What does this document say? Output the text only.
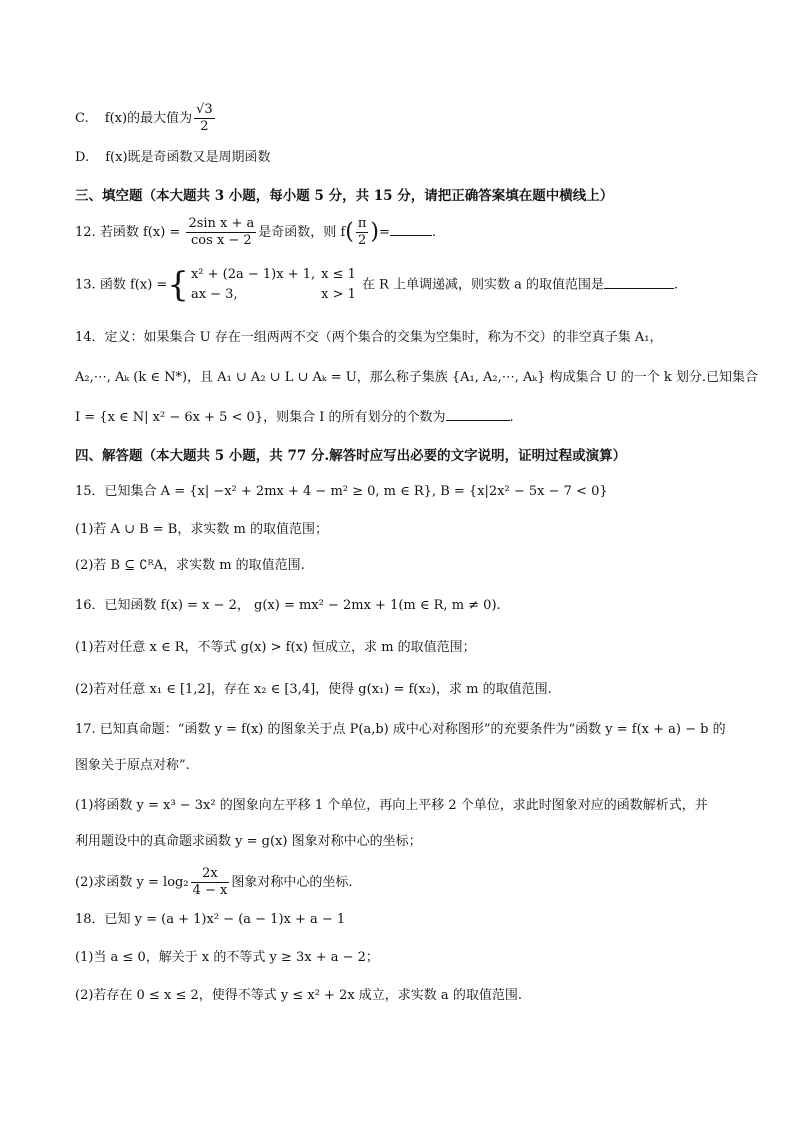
C. f(x)的最大值为 $\frac{√3}{2}$
D. f(x)既是奇函数又是周期函数
三、填空题（本大题共 3 小题，每小题 5 分，共 15 分，请把正确答案填在题中横线上）
12. 若函数 $f(x) = \frac{\text{2sin x + a}}{\text{cos x − 2}}$ 是奇函数，则 $f( \frac{\pi}{2}$ )=	.
13. 函数 f(x) ={ x² + (2a − 1)x + 1,	x ≤ 1
ax − 3,	x > 1在 R 上单调递减，则实数 a 的取值范围是	.
14．定义：如果集合 U 存在一组两两不交（两个集合的交集为空集时，称为不交）的非空真子集 A₁，
A₂,⋯, Aₖ (k ∈ N*)，且 A₁ ∪ A₂ ∪ L ∪ Aₖ = U，那么称子集族 {A₁, A₂,⋯, Aₖ} 构成集合 U 的一个 k 划分.已知集合
I = {x ∈ N| x² − 6x + 5 < 0}，则集合 I 的所有划分的个数为	.
四、解答题（本大题共 5 小题，共 77 分.解答时应写出必要的文字说明，证明过程或演算）
15．已知集合 A = {x| −x² + 2mx + 4 − m² ≥ 0, m ∈ R}, B = {x|2x² − 5x − 7 < 0}
(1)若 A ∪ B = B，求实数 m 的取值范围；
(2)若 B ⊆ ∁ᴿA，求实数 m 的取值范围.
16．已知函数 f(x) = x − 2， g(x) = mx² − 2mx + 1(m ∈ R, m ≠ 0).
(1)若对任意 x ∈ R，不等式 g(x) > f(x) 恒成立，求 m 的取值范围；
(2)若对任意 x₁ ∈ [1,2]，存在 x₂ ∈ [3,4]，使得 g(x₁) = f(x₂)，求 m 的取值范围.
17. 已知真命题：“函数 y = f(x) 的图象关于点 P(a,b) 成中心对称图形”的充要条件为“函数 y = f(x + a) − b 的
图象关于原点对称”.
(1)将函数 y = x³ − 3x² 的图象向左平移 1 个单位，再向上平移 2 个单位，求此时图象对应的函数解析式，并
利用题设中的真命题求函数 y = g(x) 图象对称中心的坐标；
(2)求函数 $y = \log_2 \frac{2x}{4 - x}$ 图象对称中心的坐标.
18．已知 y = (a + 1)x² − (a − 1)x + a − 1
(1)当 a ≤ 0，解关于 x 的不等式 y ≥ 3x + a − 2；
(2)若存在 0 ≤ x ≤ 2，使得不等式 y ≤ x² + 2x 成立，求实数 a 的取值范围.
